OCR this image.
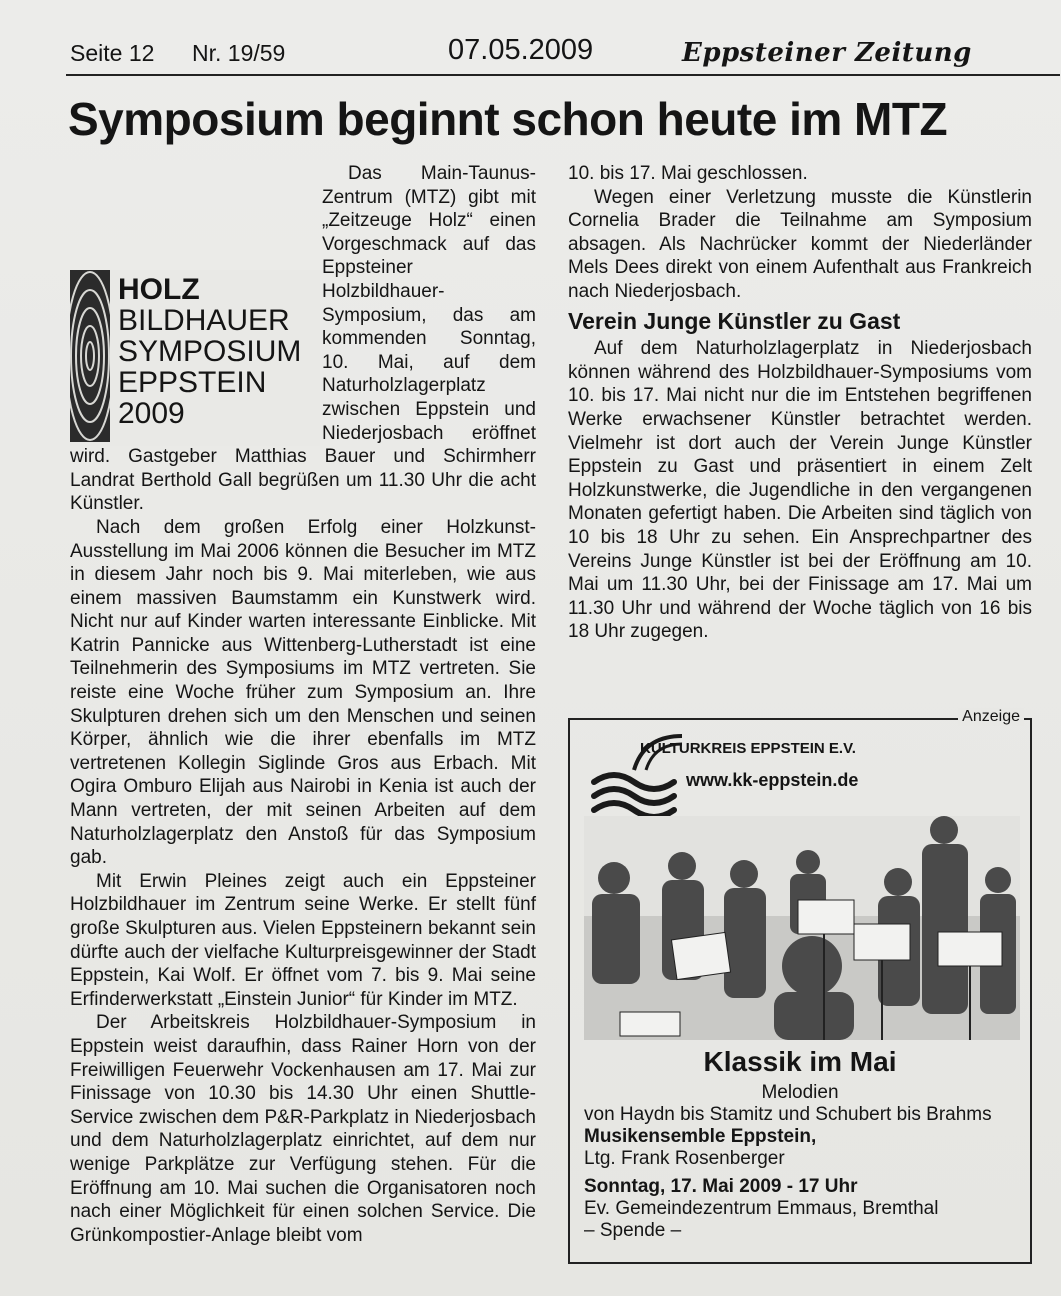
Seite 12 Nr. 19/59	07.05.2009	Eppsteiner Zeitung
Symposium beginnt schon heute im MTZ

Das Main-Taunus-Zentrum (MTZ) gibt mit „Zeitzeuge Holz“ einen Vorgeschmack auf das Eppsteiner Holzbildhauer-Symposium, das am kommenden Sonntag, 10. Mai, auf dem Naturholzlagerplatz zwischen Eppstein und Niederjosbach eröffnet wird. Gastgeber Matthias Bauer und Schirmherr Landrat Berthold Gall begrüßen um 11.30 Uhr die acht Künstler.

Nach dem großen Erfolg einer Holzkunst-Ausstellung im Mai 2006 können die Besucher im MTZ in diesem Jahr noch bis 9. Mai miterleben, wie aus einem massiven Baumstamm ein Kunstwerk wird. Nicht nur auf Kinder warten interessante Einblicke. Mit Katrin Pannicke aus Wittenberg-Lutherstadt ist eine Teilnehmerin des Symposiums im MTZ vertreten. Sie reiste eine Woche früher zum Symposium an. Ihre Skulpturen drehen sich um den Menschen und seinen Körper, ähnlich wie die ihrer ebenfalls im MTZ vertretenen Kollegin Siglinde Gros aus Erbach. Mit Ogira Omburo Elijah aus Nairobi in Kenia ist auch der Mann vertreten, der mit seinen Arbeiten auf dem Naturholzlagerplatz den Anstoß für das Symposium gab.

Mit Erwin Pleines zeigt auch ein Eppsteiner Holzbildhauer im Zentrum seine Werke. Er stellt fünf große Skulpturen aus. Vielen Eppsteinern bekannt sein dürfte auch der vielfache Kulturpreisgewinner der Stadt Eppstein, Kai Wolf. Er öffnet vom 7. bis 9. Mai seine Erfinderwerkstatt „Einstein Junior“ für Kinder im MTZ.

Der Arbeitskreis Holzbildhauer-Symposium in Eppstein weist daraufhin, dass Rainer Horn von der Freiwilligen Feuerwehr Vockenhausen am 17. Mai zur Finissage von 10.30 bis 14.30 Uhr einen Shuttle-Service zwischen dem P&R-Parkplatz in Niederjosbach und dem Naturholzlagerplatz einrichtet, auf dem nur wenige Parkplätze zur Verfügung stehen. Für die Eröffnung am 10. Mai suchen die Organisatoren noch nach einer Möglichkeit für einen solchen Service. Die Grünkompostier-Anlage bleibt vom

10. bis 17. Mai geschlossen.

Wegen einer Verletzung musste die Künstlerin Cornelia Brader die Teilnahme am Symposium absagen. Als Nachrücker kommt der Niederländer Mels Dees direkt von einem Aufenthalt aus Frankreich nach Niederjosbach.

Verein Junge Künstler zu Gast

Auf dem Naturholzlagerplatz in Niederjosbach können während des Holzbildhauer-Symposiums vom 10. bis 17. Mai nicht nur die im Entstehen begriffenen Werke erwachsener Künstler betrachtet werden. Vielmehr ist dort auch der Verein Junge Künstler Eppstein zu Gast und präsentiert in einem Zelt Holzkunstwerke, die Jugendliche in den vergangenen Monaten gefertigt haben. Die Arbeiten sind täglich von 10 bis 18 Uhr zu sehen. Ein Ansprechpartner des Vereins Junge Künstler ist bei der Eröffnung am 10. Mai um 11.30 Uhr, bei der Finissage am 17. Mai um 11.30 Uhr und während der Woche täglich von 16 bis 18 Uhr zugegen.

HOLZ
BILDHAUER
SYMPOSIUM
EPPSTEIN
2009
Anzeige
KULTURKREIS EPPSTEIN E.V.
www.kk-eppstein.de
Klassik im Mai
Melodien
von Haydn bis Stamitz und Schubert bis Brahms
Musikensemble Eppstein,
Ltg. Frank Rosenberger
Sonntag, 17. Mai 2009 - 17 Uhr
Ev. Gemeindezentrum Emmaus, Bremthal
– Spende –
